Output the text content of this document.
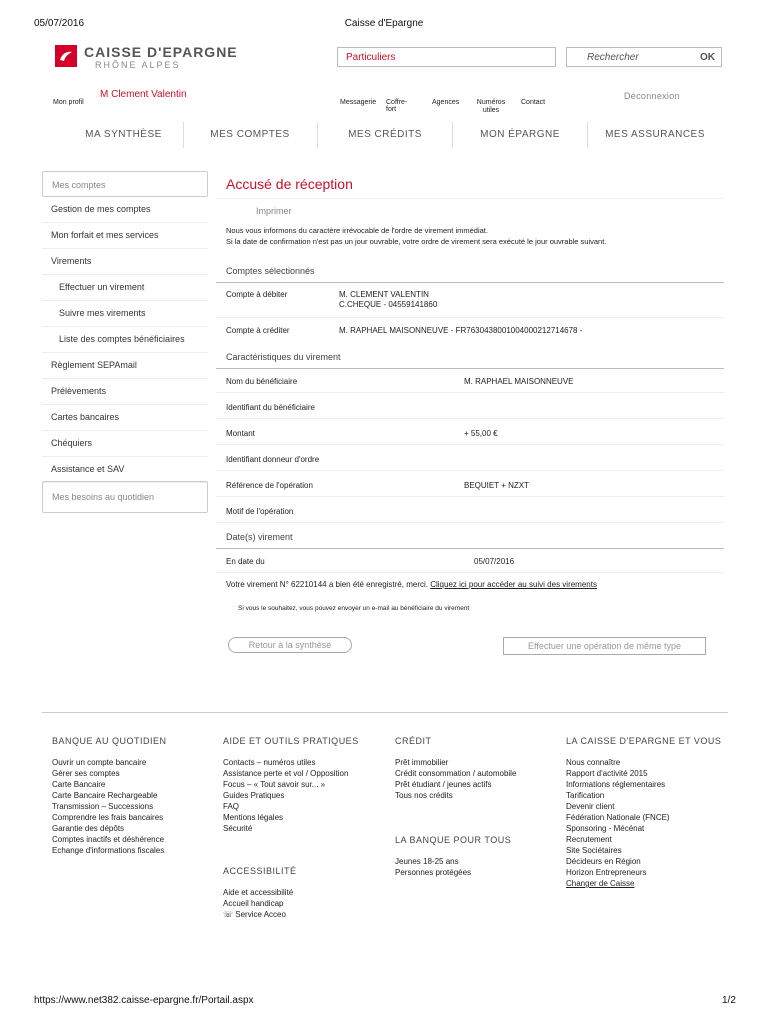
05/07/2016	Caisse d'Epargne
CAISSE D'EPARGNE
RHÔNE ALPES
Particuliers	Rechercher	OK
M Clement Valentin
Mon profil	Messagerie Coffre-fort
Agences	Numéros utiles
Contact
Déconnexion
MA SYNTHÈSE	MES COMPTES	MES CRÉDITS	MON ÉPARGNE	MES ASSURANCES
Mes comptes
Gestion de mes comptes
Mon forfait et mes services
Virements
Effectuer un virement
Suivre mes virements
Liste des comptes bénéficiaires
Règlement SEPAmail
Prélèvements
Cartes bancaires
Chéquiers
Assistance et SAV
Mes besoins au quotidien
Accusé de réception
Imprimer
Nous vous informons du caractère irrévocable de l'ordre de virement immédiat.
Si la date de confirmation n'est pas un jour ouvrable, votre ordre de virement sera exécuté le jour ouvrable suivant.
Comptes sélectionnés
Compte à débiter	M. CLEMENT VALENTIN
C.CHEQUE - 04559141860
Compte à créditer	M. RAPHAEL MAISONNEUVE - FR7630438001004000212714678 -
Caractéristiques du virement
Nom du bénéficiaire	M. RAPHAEL MAISONNEUVE
Identifiant du bénéficiaire
Montant	+ 55,00 €
Identifiant donneur d'ordre
Référence de l'opération	BEQUIET + NZXT
Motif de l'opération
Date(s) virement
En date du	05/07/2016
Votre virement N° 62210144 a bien été enregistré, merci. Cliquez ici pour accéder au suivi des virements
Si vous le souhaitez, vous pouvez envoyer un e-mail au bénéficiaire du virement
Retour à la synthèse	Effectuer une opération de même type
BANQUE AU QUOTIDIEN
Ouvrir un compte bancaire
Gérer ses comptes
Carte Bancaire
Carte Bancaire Rechargeable
Transmission – Successions
Comprendre les frais bancaires
Garantie des dépôts
Comptes inactifs et déshérence
Echange d'informations fiscales
AIDE ET OUTILS PRATIQUES
Contacts – numéros utiles
Assistance perte et vol / Opposition
Focus – « Tout savoir sur... »
Guides Pratiques
FAQ
Mentions légales
Sécurité
ACCESSIBILITÉ
Aide et accessibilité
Accueil handicap
☏ Service Acceo
CRÉDIT
Prêt immobilier
Crédit consommation / automobile
Prêt étudiant / jeunes actifs
Tous nos crédits
LA BANQUE POUR TOUS
Jeunes 18-25 ans
Personnes protégées
LA CAISSE D'EPARGNE ET VOUS
Nous connaître
Rapport d'activité 2015
Informations réglementaires
Tarification
Devenir client
Fédération Nationale (FNCE)
Sponsoring - Mécénat
Recrutement
Site Sociétaires
Décideurs en Région
Horizon Entrepreneurs
Changer de Caisse
https://www.net382.caisse-epargne.fr/Portail.aspx	1/2
